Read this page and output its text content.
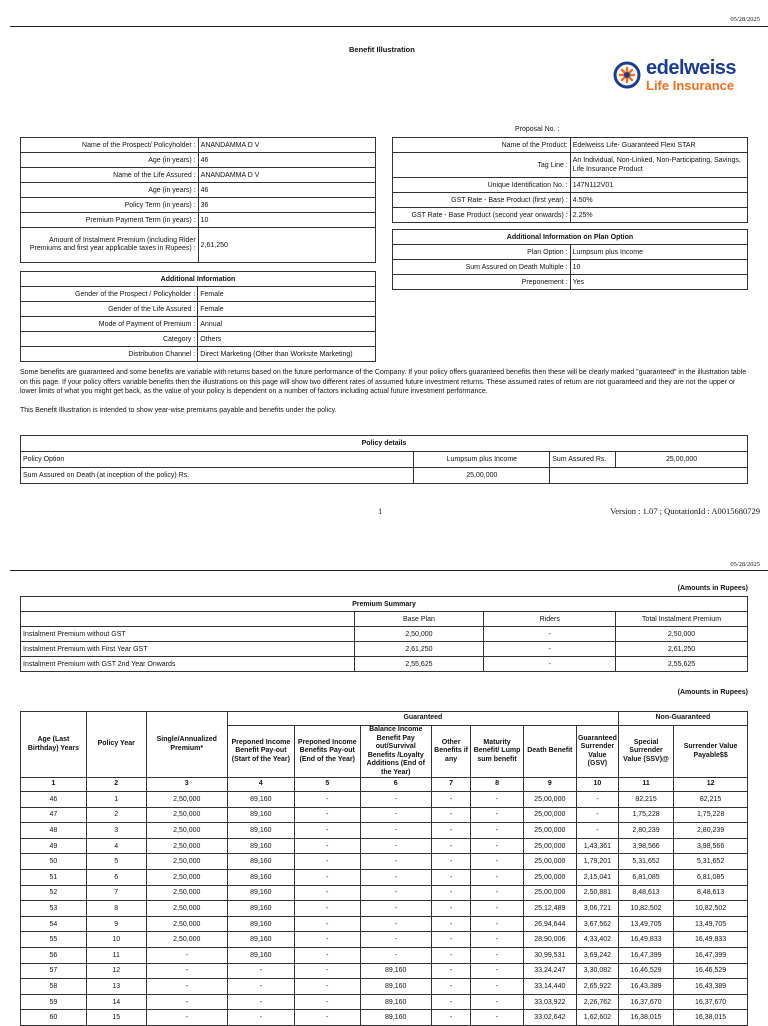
05/28/2025
Benefit Illustration
edelweiss
Life Insurance
Name of the Prospect/ Policyholder :	ANANDAMMA D V
Age (in years) :	46
Name of the Life Assured :	ANANDAMMA D V
Age (in years) :	46
Policy Term (in years) :	36
Premium Payment Term (in years) :	10
Amount of Instalment Premium (including Rider Premiums and first year applicable taxes in Rupees) :	2,61,250
Additional Information	
Gender of the Prospect / Policyholder :	Female
Gender of the Life Assured :	Female
Mode of Payment of Premium :	Annual
Category :	Others
Distribution Channel :	Direct Marketing (Other than Worksite Marketing)
Proposal No. :
Name of the Product:	Edelweiss Life- Guaranteed Flexi STAR
Tag Line :	An Individual, Non-Linked, Non-Participating, Savings, Life Insurance Product
Unique Identification No. :	147N112V01
GST Rate - Base Product (first year) :	4.50%
GST Rate - Base Product (second year onwards) :	2.25%
Additional Information on Plan Option	
Plan Option :	Lumpsum plus Income
Sum Assured on Death Multiple :	10
Preponement :	Yes
Some benefits are guaranteed and some benefits are variable with returns based on the future performance of the Company. If your policy offers guaranteed benefits then these will be clearly marked "guaranteed" in the illustration table on this page. If your policy offers variable benefits then the illustrations on this page will show two different rates of assumed future investment returns. These assumed rates of return are not guaranteed and they are not the upper or lower limits of what you might get back, as the value of your policy is dependent on a number of factors including actual future investment performance.
This Benefit Illustration is intended to show year-wise premiums payable and benefits under the policy.
Policy details			
Policy Option	Lumpsum plus Income	Sum Assured Rs.	25,00,000
Sum Assured on Death (at inception of the policy) Rs.	25,00,000		
1	Version : 1.07 ; QuotationId : A0015680729
05/28/2025
(Amounts in Rupees)
Premium Summary			
	Base Plan	Riders	Total Instalment Premium
Instalment Premium without GST	2,50,000	-	2,50,000
Instalment Premium with First Year GST	2,61,250	-	2,61,250
Instalment Premium with GST 2nd Year Onwards	2,55,625	-	2,55,625
(Amounts in Rupees)
Age (Last Birthday) Years	Policy Year	Single/Annualized Premium*	Guaranteed							Non-Guaranteed	
			Preponed Income Benefit Pay-out (Start of the Year)	Preponed Income Benefits Pay-out (End of the Year)	Balance Income Benefit Pay out/Survival Benefits /Loyalty Additions (End of the Year)	Other Benefits if any	Maturity Benefit/ Lump sum benefit	Death Benefit	Guaranteed Surrender Value (GSV)	Special Surrender Value (SSV)@	Surrender Value Payable$$
1	2	3	4	5	6	7	8	9	10	11	12
46	1	2,50,000	89,160	-	-	-	-	25,00,000	-	82,215	82,215
47	2	2,50,000	89,160	-	-	-	-	25,00,000	-	1,75,228	1,75,228
48	3	2,50,000	89,160	-	-	-	-	25,00,000	-	2,80,239	2,80,239
49	4	2,50,000	89,160	-	-	-	-	25,00,000	1,43,361	3,98,566	3,98,566
50	5	2,50,000	89,160	-	-	-	-	25,00,000	1,79,201	5,31,652	5,31,652
51	6	2,50,000	89,160	-	-	-	-	25,00,000	2,15,041	6,81,085	6,81,085
52	7	2,50,000	89,160	-	-	-	-	25,00,000	2,50,881	8,48,613	8,48,613
53	8	2,50,000	89,160	-	-	-	-	25,12,489	3,06,721	10,82,502	10,82,502
54	9	2,50,000	89,160	-	-	-	-	26,94,644	3,67,562	13,49,705	13,49,705
55	10	2,50,000	89,160	-	-	-	-	28,90,006	4,33,402	16,49,833	16,49,833
56	11	-	89,160	-	-	-	-	30,99,531	3,69,242	16,47,399	16,47,399
57	12	-	-	-	89,160	-	-	33,24,247	3,30,082	16,46,529	16,46,529
58	13	-	-	-	89,160	-	-	33,14,440	2,65,922	16,43,389	16,43,389
59	14	-	-	-	89,160	-	-	33,03,922	2,26,762	16,37,670	16,37,670
60	15	-	-	-	89,160	-	-	33,02,642	1,62,602	16,38,015	16,38,015
